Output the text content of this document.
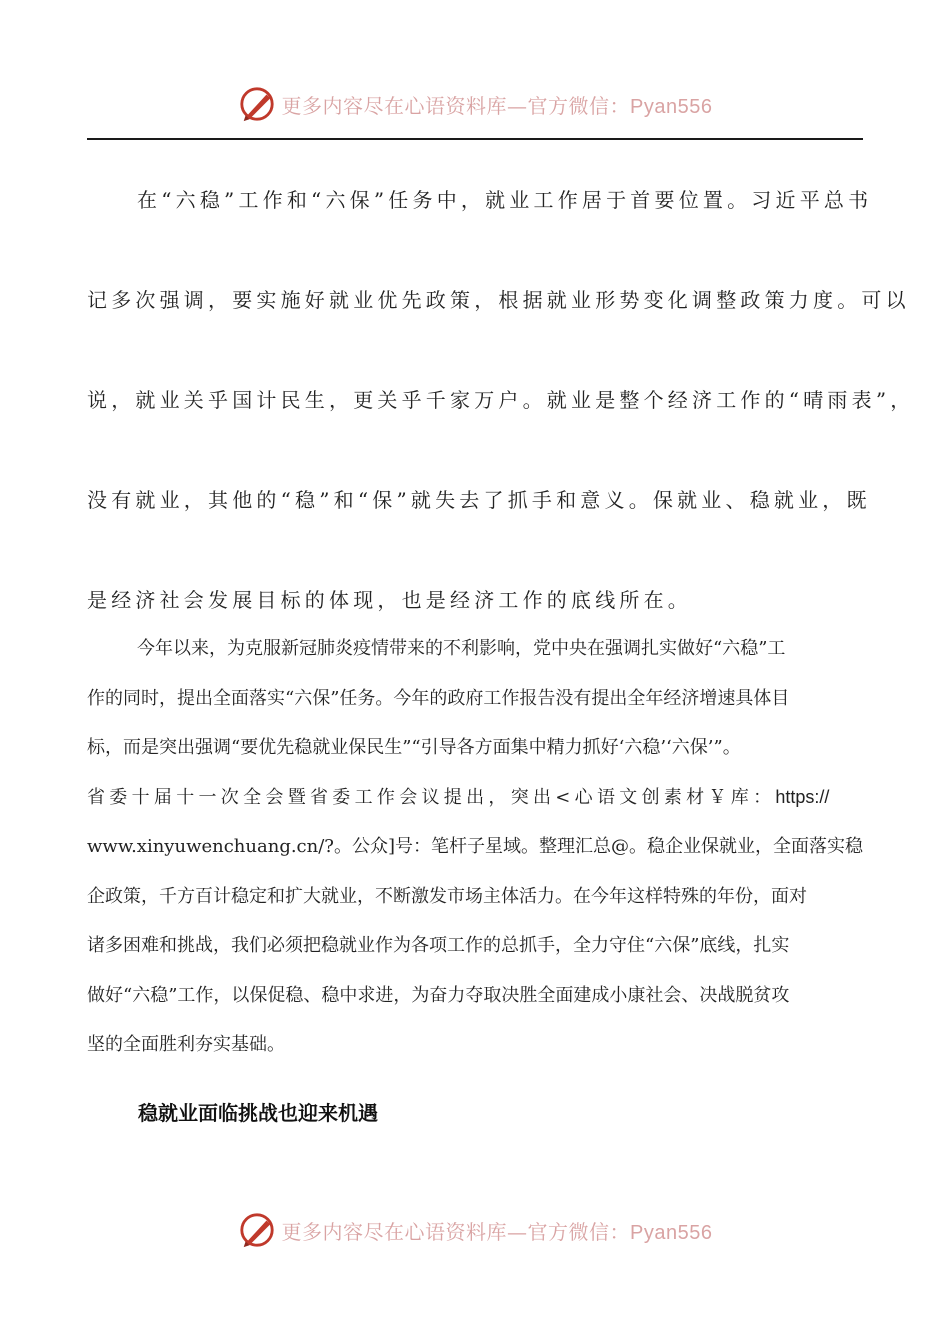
更多内容尽在心语资料库—官方微信：Pyan556
在“六稳”工作和“六保”任务中，就业工作居于首要位置。习近平总书
记多次强调，要实施好就业优先政策，根据就业形势变化调整政策力度。可以
说，就业关乎国计民生，更关乎千家万户。就业是整个经济工作的“晴雨表”，
没有就业，其他的“稳”和“保”就失去了抓手和意义。保就业、稳就业，既
是经济社会发展目标的体现，也是经济工作的底线所在。
今年以来，为克服新冠肺炎疫情带来的不利影响，党中央在强调扎实做好“六稳”工
作的同时，提出全面落实“六保”任务。今年的政府工作报告没有提出全年经济增速具体目
标，而是突出强调“要优先稳就业保民生”“引导各方面集中精力抓好‘六稳’‘六保’”。
省委十届十一次全会暨省委工作会议提出，突出<心语文创素材￥库：https://
www.xinyuwenchuang.cn/?。公众]号：笔杆子星域。整理汇总@。稳企业保就业，全面落实稳
企政策，千方百计稳定和扩大就业，不断激发市场主体活力。在今年这样特殊的年份，面对
诸多困难和挑战，我们必须把稳就业作为各项工作的总抓手，全力守住“六保”底线，扎实
做好“六稳”工作，以保促稳、稳中求进，为奋力夺取决胜全面建成小康社会、决战脱贫攻
坚的全面胜利夯实基础。
稳就业面临挑战也迎来机遇
更多内容尽在心语资料库—官方微信：Pyan556
